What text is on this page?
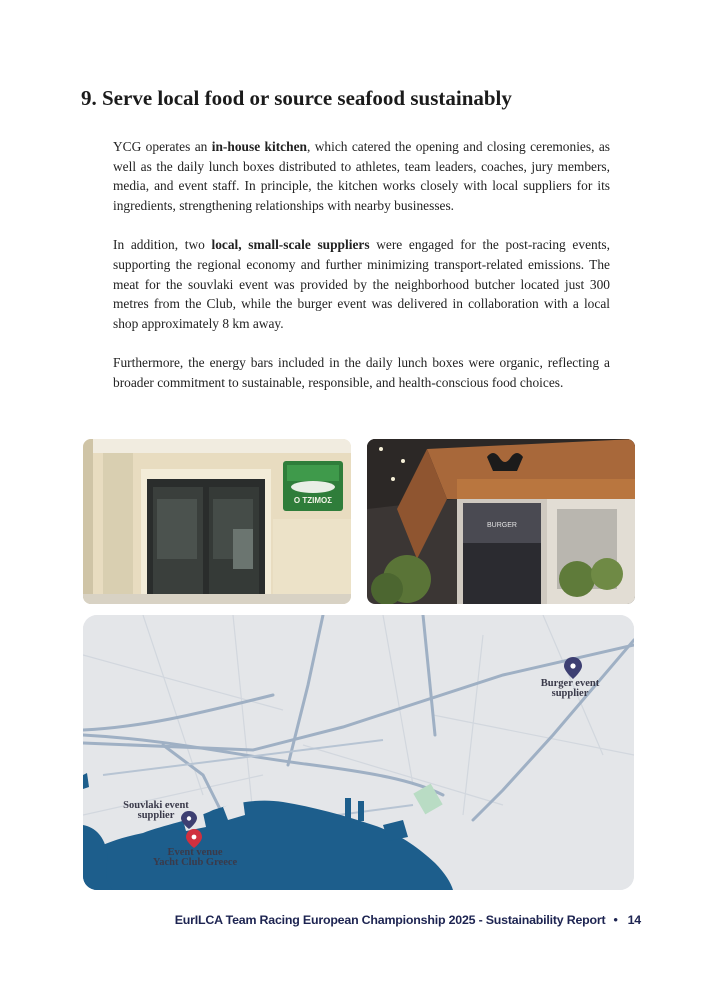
9. Serve local food or source seafood sustainably

YCG operates an in-house kitchen, which catered the opening and closing ceremonies, as well as the daily lunch boxes distributed to athletes, team leaders, coaches, jury members, media, and event staff. In principle, the kitchen works closely with local suppliers for its ingredients, strengthening relationships with nearby businesses.

In addition, two local, small-scale suppliers were engaged for the post-racing events, supporting the regional economy and further minimizing transport-related emissions. The meat for the souvlaki event was provided by the neighborhood butcher located just 300 metres from the Club, while the burger event was delivered in collaboration with a local shop approximately 8 km away.

Furthermore, the energy bars included in the daily lunch boxes were organic, reflecting a broader commitment to sustainable, responsible, and health-conscious food choices.

Ο ΤΖΙΜΟΣ
BURGER
Burger event
supplier
Souvlaki event
supplier
Event venue
Yacht Club Greece
EurILCA Team Racing European Championship 2025 - Sustainability Report • 14
